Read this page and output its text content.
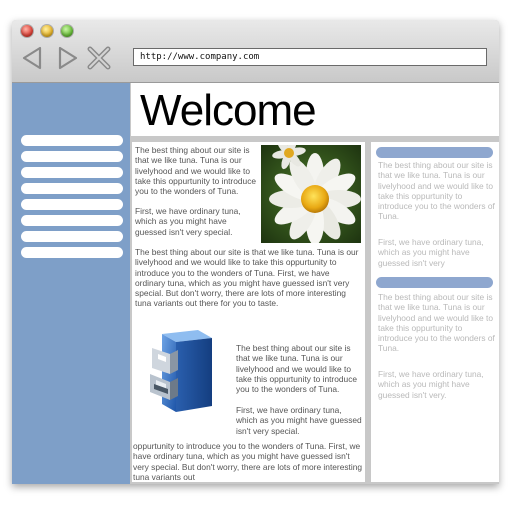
http://www.company.com
Welcome

The best thing about our site is that we like tuna. Tuna is our livelyhood and we would like to take this oppurtunity to introduce you to the wonders of Tuna.

First, we have ordinary tuna, which as you might have guessed isn't very special.

The best thing about our site is that we like tuna. Tuna is our livelyhood and we would like to take this oppurtunity to introduce you to the wonders of Tuna. First, we have ordinary tuna, which as you might have guessed isn't very special. But don't worry, there are lots of more interesting tuna variants out there for you to taste.

The best thing about our site is that we like tuna. Tuna is our livelyhood and we would like to take this oppurtunity to introduce you to the wonders of Tuna.

First, we have ordinary tuna, which as you might have guessed isn't very special.

oppurtunity to introduce you to the wonders of Tuna. First, we have ordinary tuna, which as you might have guessed isn't very special. But don't worry, there are lots of more interesting tuna variants out

The best thing about our site is that we like tuna. Tuna is our livelyhood and we would like to take this oppurtunity to introduce you to the wonders of Tuna.

First, we have ordinary tuna, which as you might have guessed isn't very

The best thing about our site is that we like tuna. Tuna is our livelyhood and we would like to take this oppurtunity to introduce you to the wonders of Tuna.

First, we have ordinary tuna, which as you might have guessed isn't very.
